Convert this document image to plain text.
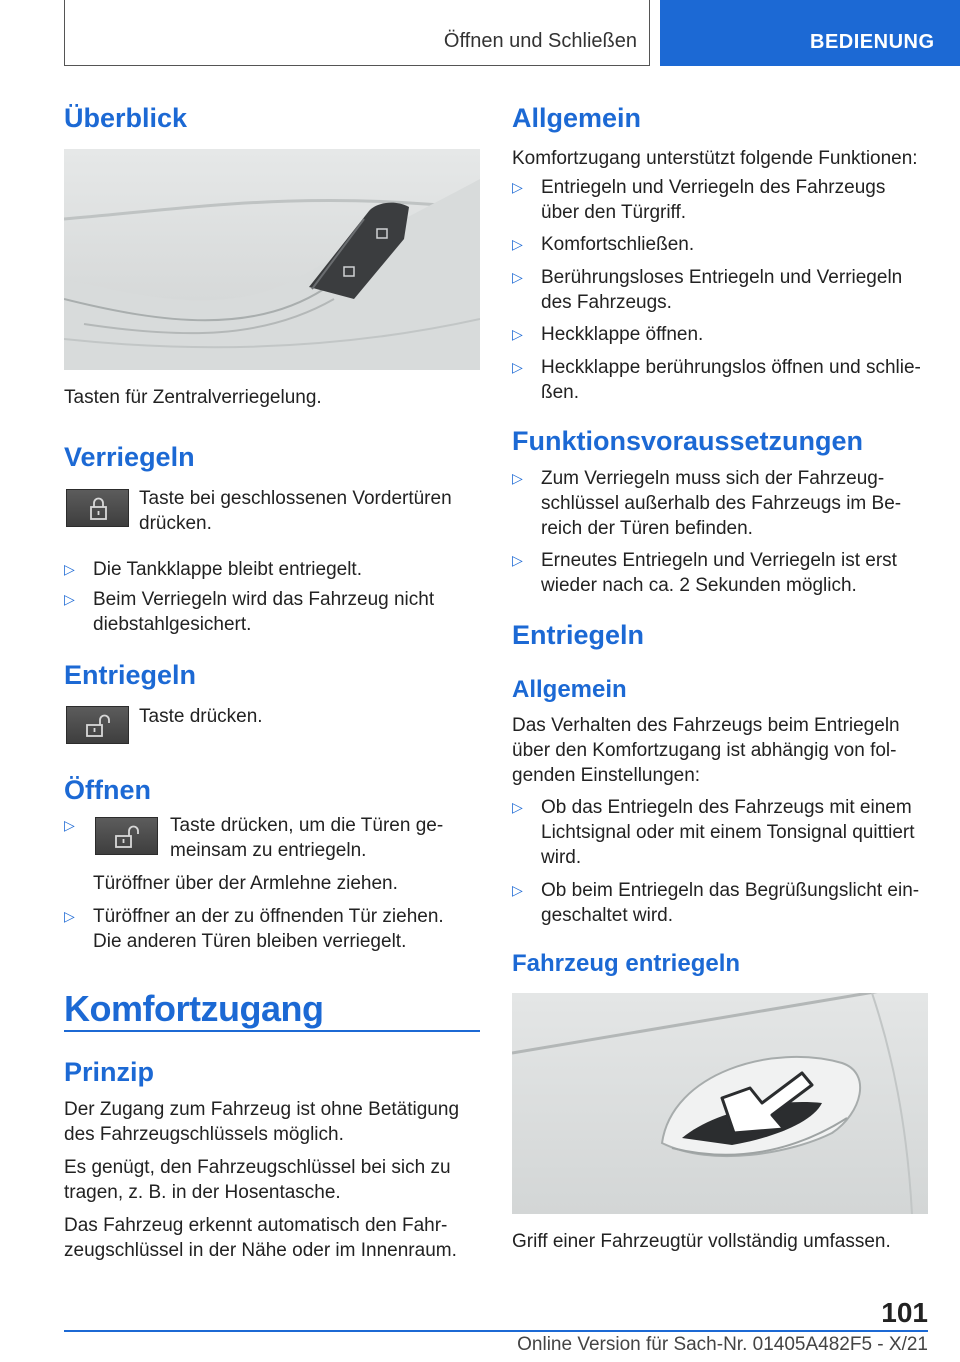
Öffnen und Schließen	BEDIENUNG
Überblick
Tasten für Zentralverriegelung.
Verriegeln
Taste bei geschlossenen Vordertüren
drücken.
▷ Die Tankklappe bleibt entriegelt.
▷ Beim Verriegeln wird das Fahrzeug nicht
diebstahlgesichert.
Entriegeln
Taste drücken.
Öffnen
▷	Taste drücken, um die Türen ge-
meinsam zu entriegeln.
Türöffner über der Armlehne ziehen.
▷ Türöffner an der zu öffnenden Tür ziehen.
Die anderen Türen bleiben verriegelt.
Komfortzugang
Prinzip
Der Zugang zum Fahrzeug ist ohne Betätigung
des Fahrzeugschlüssels möglich.
Es genügt, den Fahrzeugschlüssel bei sich zu
tragen, z. B. in der Hosentasche.
Das Fahrzeug erkennt automatisch den Fahr-
zeugschlüssel in der Nähe oder im Innenraum.
Allgemein
Komfortzugang unterstützt folgende Funktionen:
▷ Entriegeln und Verriegeln des Fahrzeugs
über den Türgriff.
▷ Komfortschließen.
▷ Berührungsloses Entriegeln und Verriegeln
des Fahrzeugs.
▷ Heckklappe öffnen.
▷ Heckklappe berührungslos öffnen und schlie-
ßen.
Funktionsvoraussetzungen
▷ Zum Verriegeln muss sich der Fahrzeug-
schlüssel außerhalb des Fahrzeugs im Be-
reich der Türen befinden.
▷ Erneutes Entriegeln und Verriegeln ist erst
wieder nach ca. 2 Sekunden möglich.
Entriegeln
Allgemein
Das Verhalten des Fahrzeugs beim Entriegeln
über den Komfortzugang ist abhängig von fol-
genden Einstellungen:
▷ Ob das Entriegeln des Fahrzeugs mit einem
Lichtsignal oder mit einem Tonsignal quittiert
wird.
▷ Ob beim Entriegeln das Begrüßungslicht ein-
geschaltet wird.
Fahrzeug entriegeln
Griff einer Fahrzeugtür vollständig umfassen.
101
Online Version für Sach-Nr. 01405A482F5 - X/21
